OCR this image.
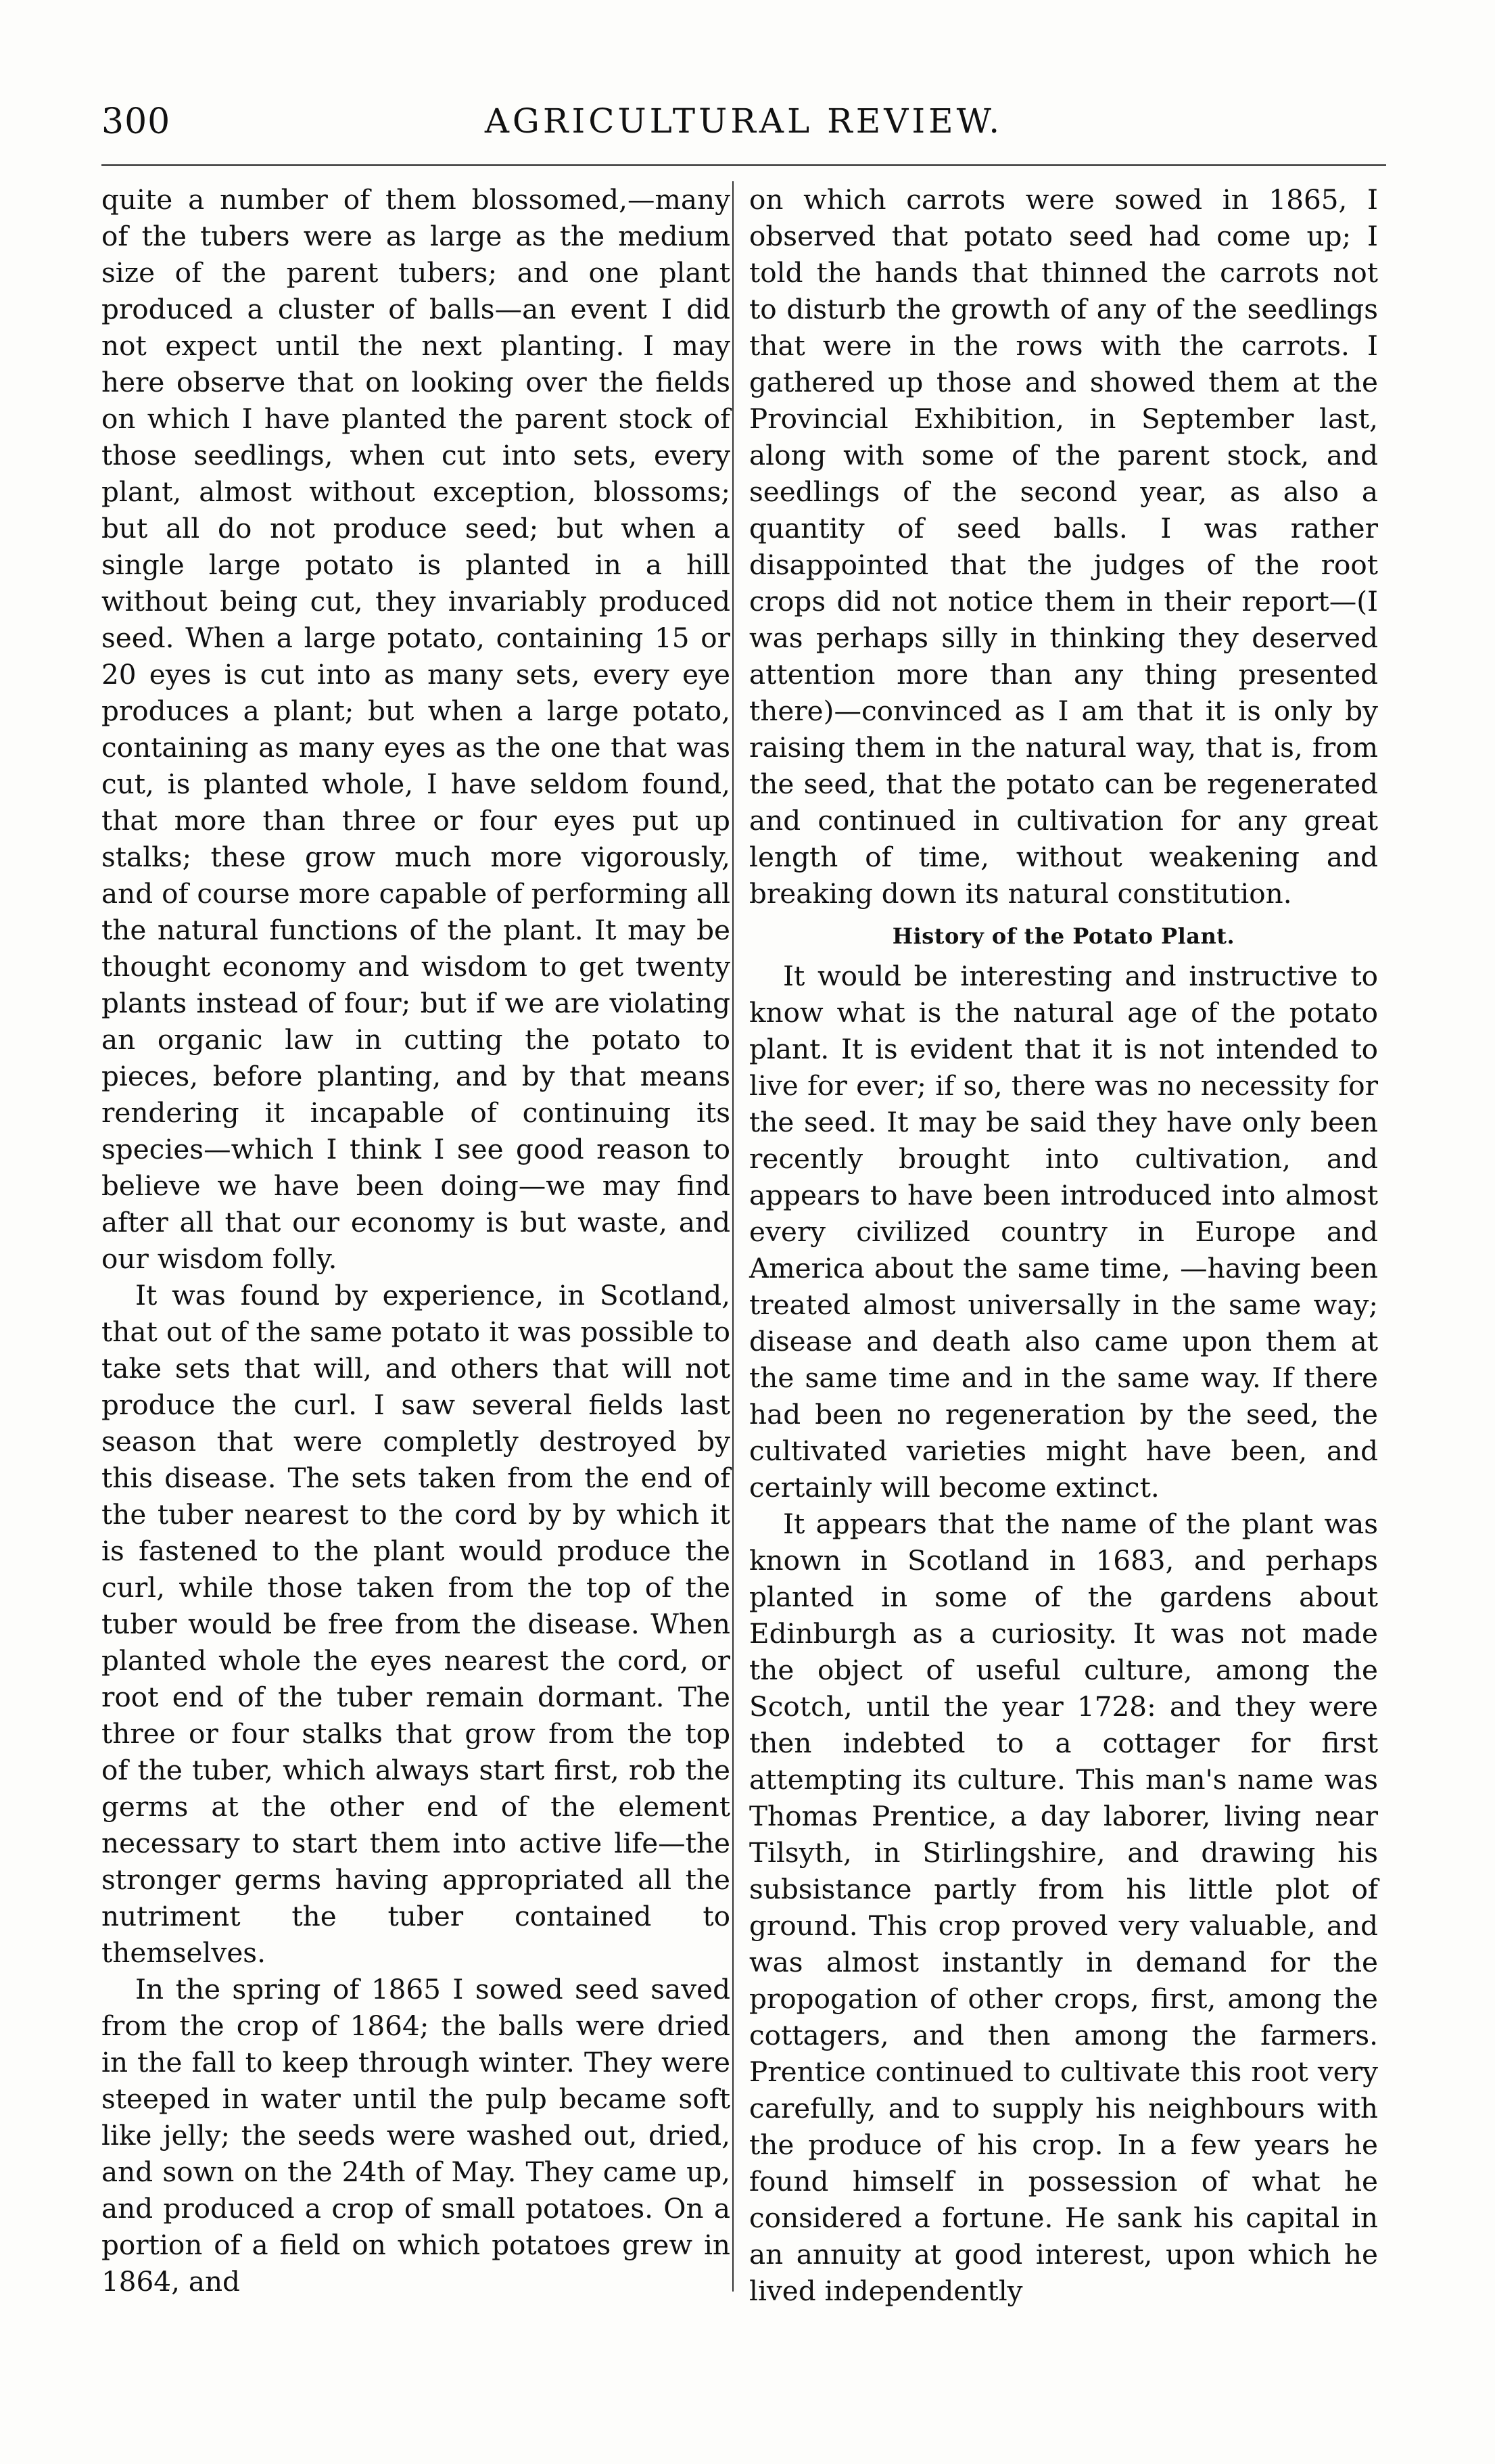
300	AGRICULTURAL REVIEW.

quite a number of them blossomed,—many of the tubers were as large as the medium size of the parent tubers; and one plant produced a cluster of balls—an event I did not expect until the next planting. I may here observe that on looking over the fields on which I have planted the parent stock of those seedlings, when cut into sets, every plant, almost without exception, blossoms; but all do not produce seed; but when a single large potato is planted in a hill without being cut, they invariably produced seed. When a large potato, containing 15 or 20 eyes is cut into as many sets, every eye produces a plant; but when a large potato, containing as many eyes as the one that was cut, is planted whole, I have seldom found, that more than three or four eyes put up stalks; these grow much more vigorously, and of course more capable of performing all the natural functions of the plant. It may be thought economy and wisdom to get twenty plants instead of four; but if we are violating an organic law in cutting the potato to pieces, before planting, and by that means rendering it incapable of continuing its species—which I think I see good reason to believe we have been doing—we may find after all that our economy is but waste, and our wisdom folly.

It was found by experience, in Scotland, that out of the same potato it was possible to take sets that will, and others that will not produce the curl. I saw several fields last season that were completly destroyed by this disease. The sets taken from the end of the tuber nearest to the cord by by which it is fastened to the plant would produce the curl, while those taken from the top of the tuber would be free from the disease. When planted whole the eyes nearest the cord, or root end of the tuber remain dormant. The three or four stalks that grow from the top of the tuber, which always start first, rob the germs at the other end of the element necessary to start them into active life—the stronger germs having appropriated all the nutriment the tuber contained to themselves.

In the spring of 1865 I sowed seed saved from the crop of 1864; the balls were dried in the fall to keep through winter. They were steeped in water until the pulp became soft like jelly; the seeds were washed out, dried, and sown on the 24th of May. They came up, and produced a crop of small potatoes. On a portion of a field on which potatoes grew in 1864, and

on which carrots were sowed in 1865, I observed that potato seed had come up; I told the hands that thinned the carrots not to disturb the growth of any of the seedlings that were in the rows with the carrots. I gathered up those and showed them at the Provincial Exhibition, in September last, along with some of the parent stock, and seedlings of the second year, as also a quantity of seed balls. I was rather disappointed that the judges of the root crops did not notice them in their report—(I was perhaps silly in thinking they deserved attention more than any thing presented there)—convinced as I am that it is only by raising them in the natural way, that is, from the seed, that the potato can be regenerated and continued in cultivation for any great length of time, without weakening and breaking down its natural constitution.

History of the Potato Plant.

It would be interesting and instructive to know what is the natural age of the potato plant. It is evident that it is not intended to live for ever; if so, there was no necessity for the seed. It may be said they have only been recently brought into cultivation, and appears to have been introduced into almost every civilized country in Europe and America about the same time, —having been treated almost universally in the same way; disease and death also came upon them at the same time and in the same way. If there had been no regeneration by the seed, the cultivated varieties might have been, and certainly will become extinct.

It appears that the name of the plant was known in Scotland in 1683, and perhaps planted in some of the gardens about Edinburgh as a curiosity. It was not made the object of useful culture, among the Scotch, until the year 1728: and they were then indebted to a cottager for first attempting its culture. This man's name was Thomas Prentice, a day laborer, living near Tilsyth, in Stirlingshire, and drawing his subsistance partly from his little plot of ground. This crop proved very valuable, and was almost instantly in demand for the propogation of other crops, first, among the cottagers, and then among the farmers. Prentice continued to cultivate this root very carefully, and to supply his neighbours with the produce of his crop. In a few years he found himself in possession of what he considered a fortune. He sank his capital in an annuity at good interest, upon which he lived independently
